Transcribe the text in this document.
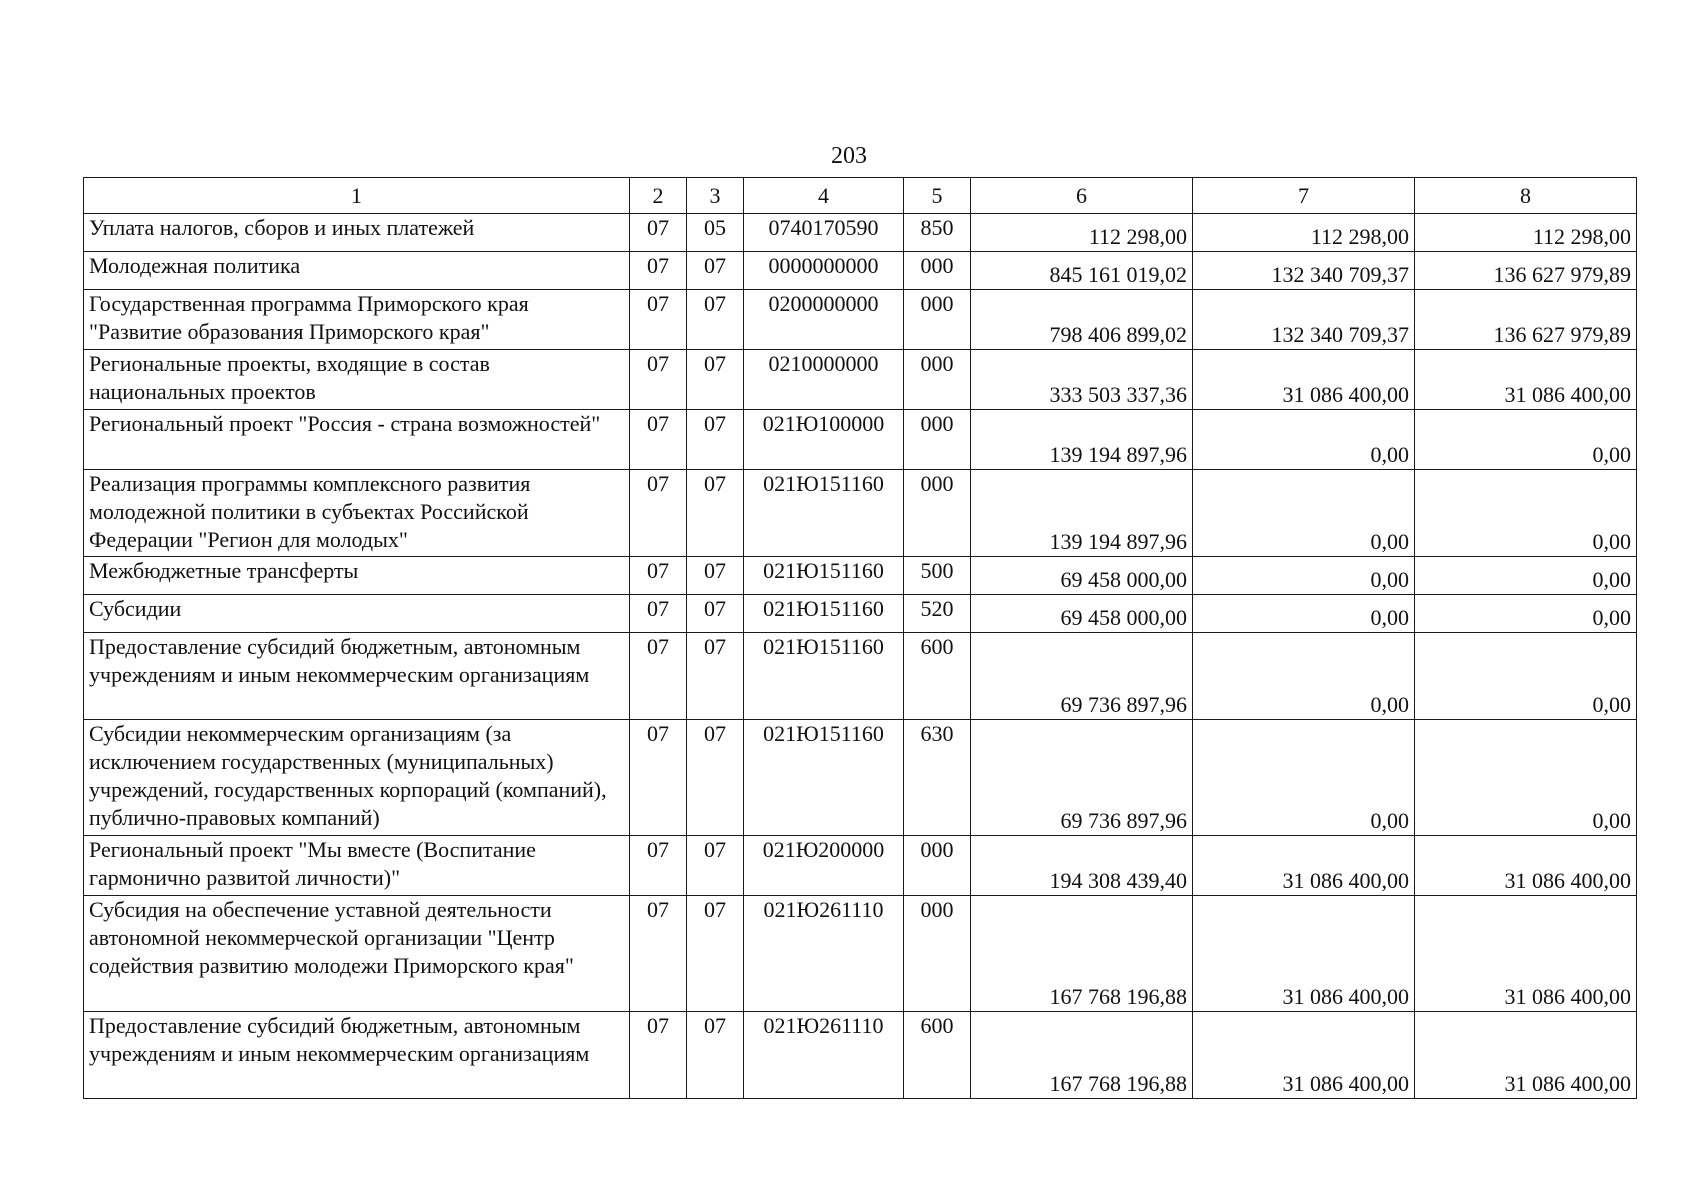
203
1	2	3	4	5	6	7	8
Уплата налогов, сборов и иных платежей	07	05	0740170590	850	112 298,00	112 298,00	112 298,00
Молодежная политика	07	07	0000000000	000	845 161 019,02	132 340 709,37	136 627 979,89
Государственная программа Приморского края "Развитие образования Приморского края"	07	07	0200000000	000	798 406 899,02	132 340 709,37	136 627 979,89
Региональные проекты, входящие в состав национальных проектов	07	07	0210000000	000	333 503 337,36	31 086 400,00	31 086 400,00
Региональный проект "Россия - страна возможностей"	07	07	021Ю100000	000	139 194 897,96	0,00	0,00
Реализация программы комплексного развития молодежной политики в субъектах Российской Федерации "Регион для молодых"	07	07	021Ю151160	000	139 194 897,96	0,00	0,00
Межбюджетные трансферты	07	07	021Ю151160	500	69 458 000,00	0,00	0,00
Субсидии	07	07	021Ю151160	520	69 458 000,00	0,00	0,00
Предоставление субсидий бюджетным, автономным учреждениям и иным некоммерческим организациям	07	07	021Ю151160	600	69 736 897,96	0,00	0,00
Субсидии некоммерческим организациям (за исключением государственных (муниципальных) учреждений, государственных корпораций (компаний), публично-правовых компаний)	07	07	021Ю151160	630	69 736 897,96	0,00	0,00
Региональный проект "Мы вместе (Воспитание гармонично развитой личности)"	07	07	021Ю200000	000	194 308 439,40	31 086 400,00	31 086 400,00
Субсидия на обеспечение уставной деятельности автономной некоммерческой организации "Центр содействия развитию молодежи Приморского края"	07	07	021Ю261110	000	167 768 196,88	31 086 400,00	31 086 400,00
Предоставление субсидий бюджетным, автономным учреждениям и иным некоммерческим организациям	07	07	021Ю261110	600	167 768 196,88	31 086 400,00	31 086 400,00
